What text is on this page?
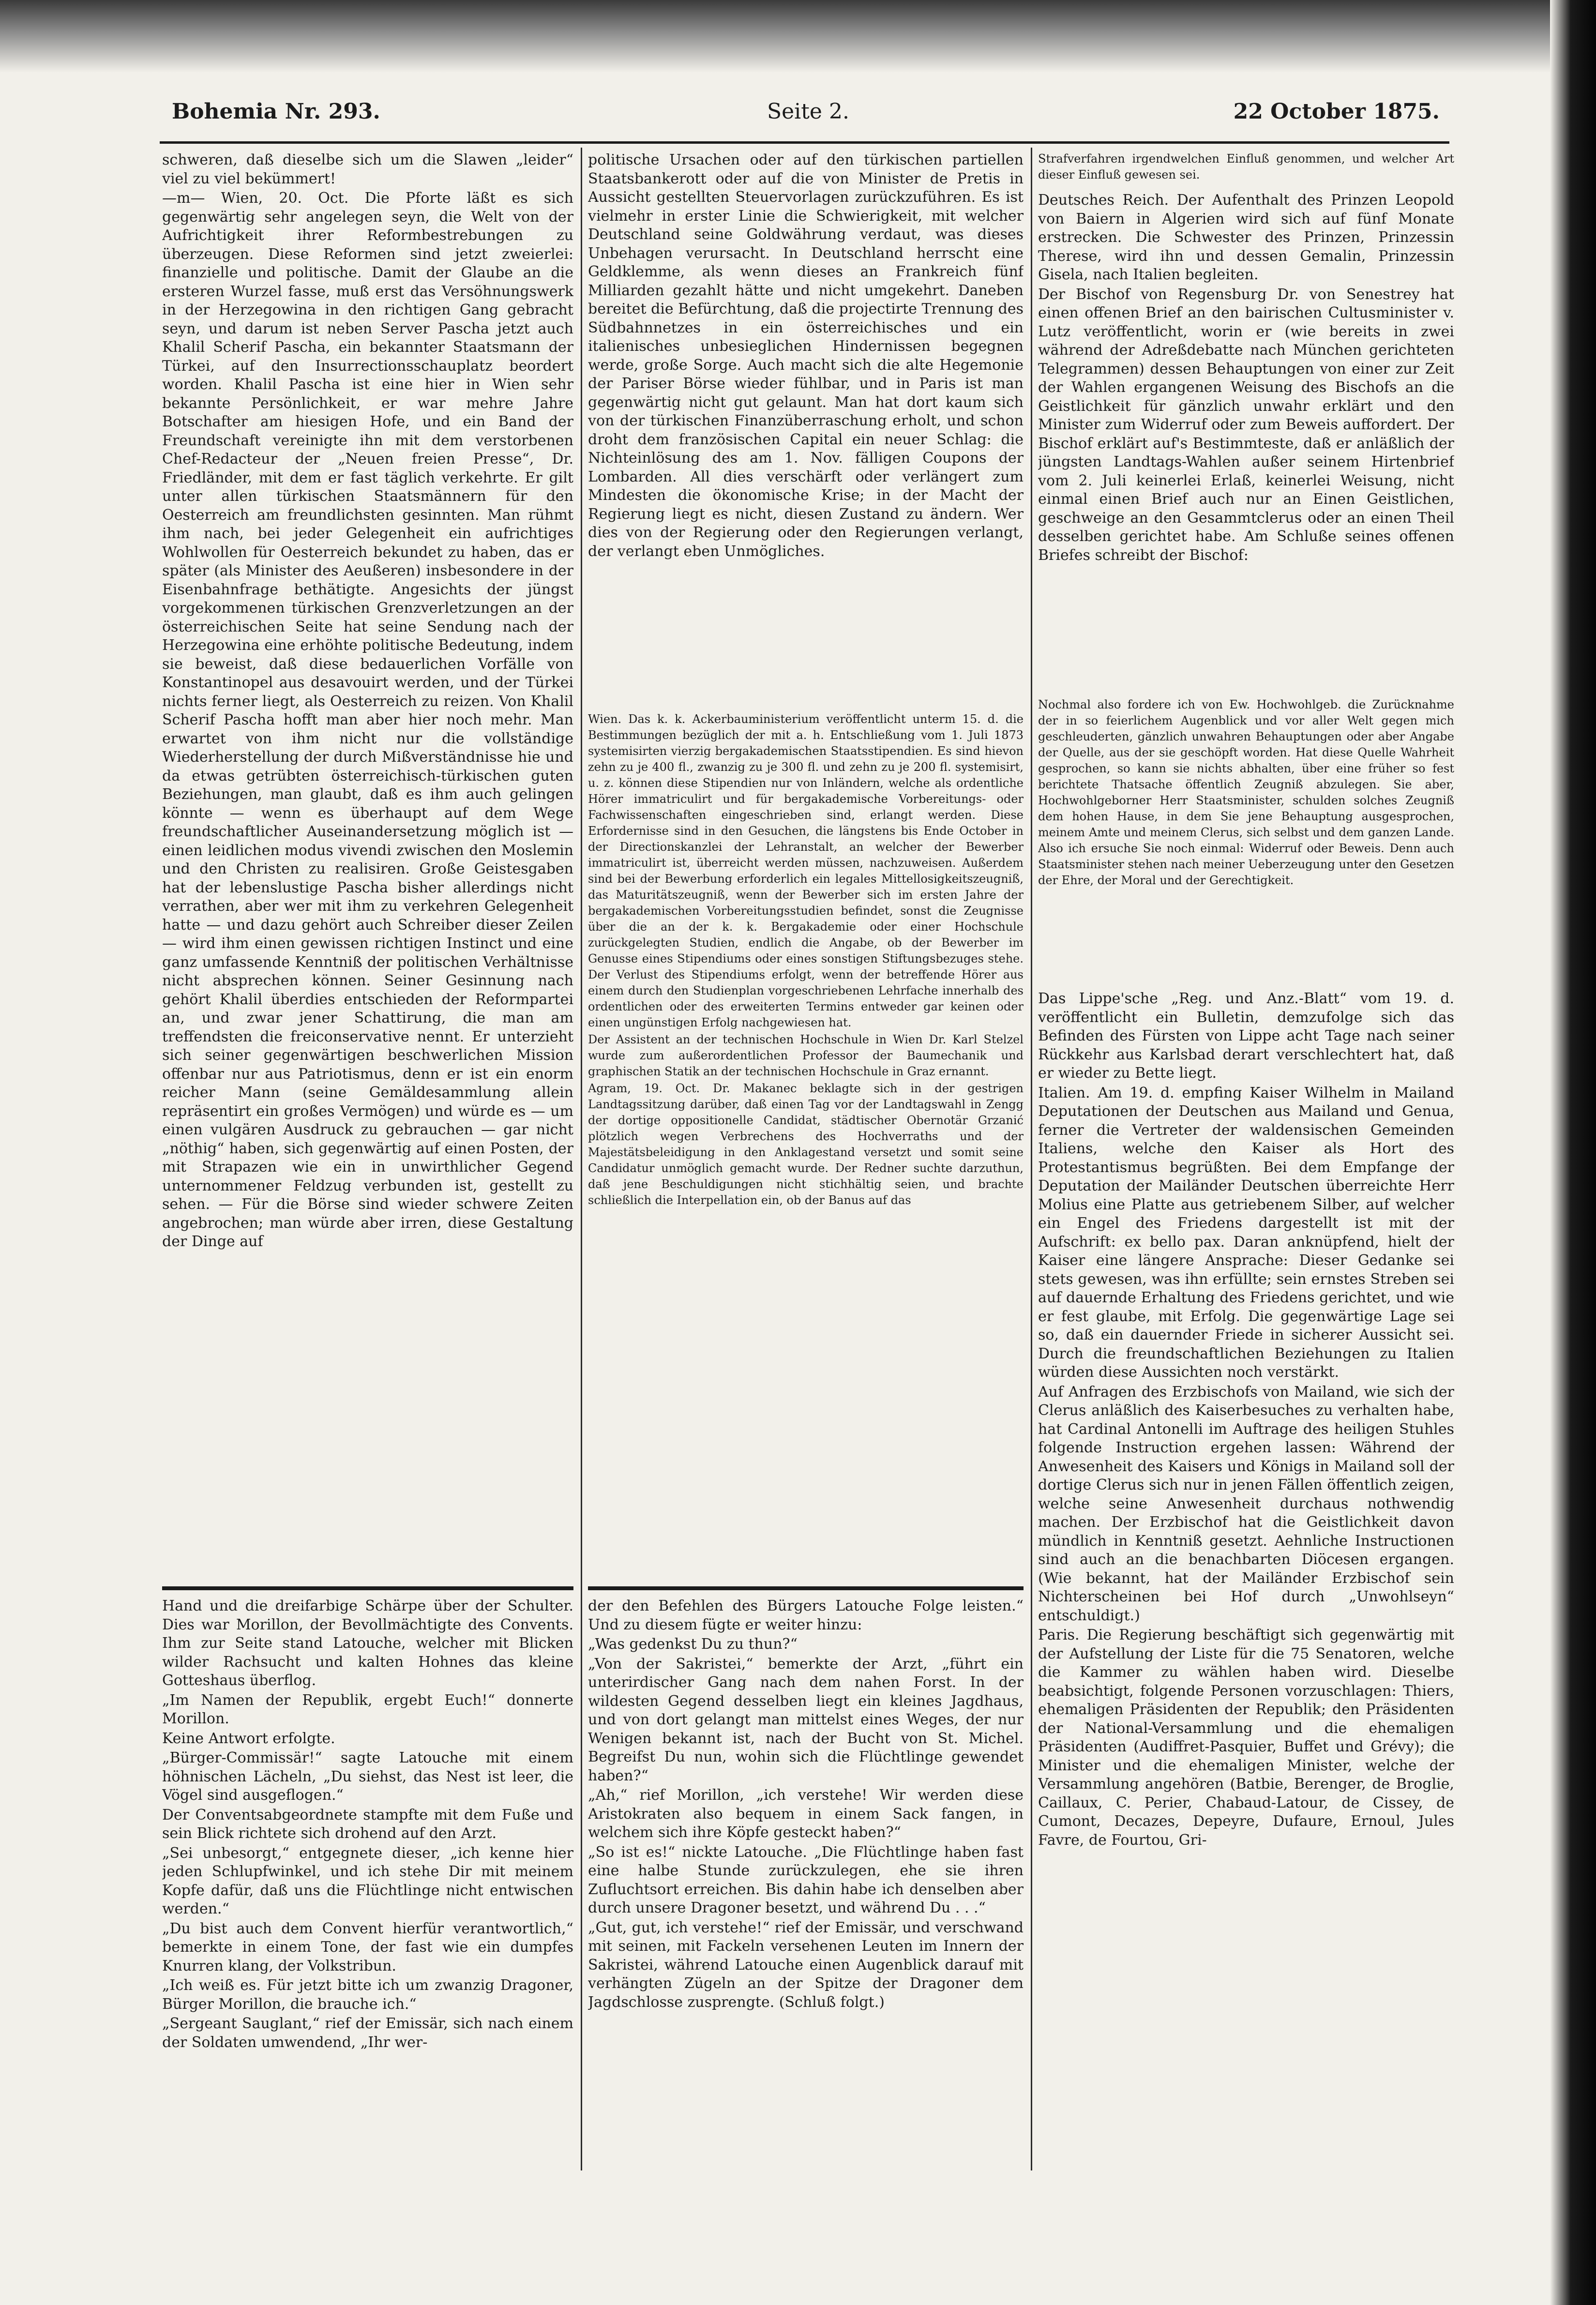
Bohemia Nr. 293.	Seite 2.	22 October 1875.

schweren, daß dieselbe sich um die Slawen „leider“ viel zu viel bekümmert!

—m— Wien, 20. Oct. Die Pforte läßt es sich gegenwärtig sehr angelegen seyn, die Welt von der Aufrichtigkeit ihrer Reformbestrebungen zu überzeugen. Diese Reformen sind jetzt zweierlei: finanzielle und politische. Damit der Glaube an die ersteren Wurzel fasse, muß erst das Versöhnungswerk in der Herzegowina in den richtigen Gang gebracht seyn, und darum ist neben Server Pascha jetzt auch Khalil Scherif Pascha, ein bekannter Staatsmann der Türkei, auf den Insurrectionsschauplatz beordert worden. Khalil Pascha ist eine hier in Wien sehr bekannte Persönlichkeit, er war mehre Jahre Botschafter am hiesigen Hofe, und ein Band der Freundschaft vereinigte ihn mit dem verstorbenen Chef-Redacteur der „Neuen freien Presse“, Dr. Friedländer, mit dem er fast täglich verkehrte. Er gilt unter allen türkischen Staatsmännern für den Oesterreich am freundlichsten gesinnten. Man rühmt ihm nach, bei jeder Gelegenheit ein aufrichtiges Wohlwollen für Oesterreich bekundet zu haben, das er später (als Minister des Aeußeren) insbesondere in der Eisenbahnfrage bethätigte. Angesichts der jüngst vorgekommenen türkischen Grenzverletzungen an der österreichischen Seite hat seine Sendung nach der Herzegowina eine erhöhte politische Bedeutung, indem sie beweist, daß diese bedauerlichen Vorfälle von Konstantinopel aus desavouirt werden, und der Türkei nichts ferner liegt, als Oesterreich zu reizen. Von Khalil Scherif Pascha hofft man aber hier noch mehr. Man erwartet von ihm nicht nur die vollständige Wiederherstellung der durch Mißverständnisse hie und da etwas getrübten österreichisch-türkischen guten Beziehungen, man glaubt, daß es ihm auch gelingen könnte — wenn es überhaupt auf dem Wege freundschaftlicher Auseinandersetzung möglich ist — einen leidlichen modus vivendi zwischen den Moslemin und den Christen zu realisiren. Große Geistesgaben hat der lebenslustige Pascha bisher allerdings nicht verrathen, aber wer mit ihm zu verkehren Gelegenheit hatte — und dazu gehört auch Schreiber dieser Zeilen — wird ihm einen gewissen richtigen Instinct und eine ganz umfassende Kenntniß der politischen Verhältnisse nicht absprechen können. Seiner Gesinnung nach gehört Khalil überdies entschieden der Reformpartei an, und zwar jener Schattirung, die man am treffendsten die freiconservative nennt. Er unterzieht sich seiner gegenwärtigen beschwerlichen Mission offenbar nur aus Patriotismus, denn er ist ein enorm reicher Mann (seine Gemäldesammlung allein repräsentirt ein großes Vermögen) und würde es — um einen vulgären Ausdruck zu gebrauchen — gar nicht „nöthig“ haben, sich gegenwärtig auf einen Posten, der mit Strapazen wie ein in unwirthlicher Gegend unternommener Feldzug verbunden ist, gestellt zu sehen. — Für die Börse sind wieder schwere Zeiten angebrochen; man würde aber irren, diese Gestaltung der Dinge auf

Hand und die dreifarbige Schärpe über der Schulter. Dies war Morillon, der Bevollmächtigte des Convents. Ihm zur Seite stand Latouche, welcher mit Blicken wilder Rachsucht und kalten Hohnes das kleine Gotteshaus überflog.

„Im Namen der Republik, ergebt Euch!“ donnerte Morillon.

Keine Antwort erfolgte.

„Bürger-Commissär!“ sagte Latouche mit einem höhnischen Lächeln, „Du siehst, das Nest ist leer, die Vögel sind ausgeflogen.“

Der Conventsabgeordnete stampfte mit dem Fuße und sein Blick richtete sich drohend auf den Arzt.

„Sei unbesorgt,“ entgegnete dieser, „ich kenne hier jeden Schlupfwinkel, und ich stehe Dir mit meinem Kopfe dafür, daß uns die Flüchtlinge nicht entwischen werden.“

„Du bist auch dem Convent hierfür verantwortlich,“ bemerkte in einem Tone, der fast wie ein dumpfes Knurren klang, der Volkstribun.

„Ich weiß es. Für jetzt bitte ich um zwanzig Dragoner, Bürger Morillon, die brauche ich.“

„Sergeant Sauglant,“ rief der Emissär, sich nach einem der Soldaten umwendend, „Ihr wer-

politische Ursachen oder auf den türkischen partiellen Staatsbankerott oder auf die von Minister de Pretis in Aussicht gestellten Steuervorlagen zurückzuführen. Es ist vielmehr in erster Linie die Schwierigkeit, mit welcher Deutschland seine Goldwährung verdaut, was dieses Unbehagen verursacht. In Deutschland herrscht eine Geldklemme, als wenn dieses an Frankreich fünf Milliarden gezahlt hätte und nicht umgekehrt. Daneben bereitet die Befürchtung, daß die projectirte Trennung des Südbahnnetzes in ein österreichisches und ein italienisches unbesieglichen Hindernissen begegnen werde, große Sorge. Auch macht sich die alte Hegemonie der Pariser Börse wieder fühlbar, und in Paris ist man gegenwärtig nicht gut gelaunt. Man hat dort kaum sich von der türkischen Finanzüberraschung erholt, und schon droht dem französischen Capital ein neuer Schlag: die Nichteinlösung des am 1. Nov. fälligen Coupons der Lombarden. All dies verschärft oder verlängert zum Mindesten die ökonomische Krise; in der Macht der Regierung liegt es nicht, diesen Zustand zu ändern. Wer dies von der Regierung oder den Regierungen verlangt, der verlangt eben Unmögliches.

Wien. Das k. k. Ackerbauministerium veröffentlicht unterm 15. d. die Bestimmungen bezüglich der mit a. h. Entschließung vom 1. Juli 1873 systemisirten vierzig bergakademischen Staatsstipendien. Es sind hievon zehn zu je 400 fl., zwanzig zu je 300 fl. und zehn zu je 200 fl. systemisirt, u. z. können diese Stipendien nur von Inländern, welche als ordentliche Hörer immatriculirt und für bergakademische Vorbereitungs- oder Fachwissenschaften eingeschrieben sind, erlangt werden. Diese Erfordernisse sind in den Gesuchen, die längstens bis Ende October in der Directionskanzlei der Lehranstalt, an welcher der Bewerber immatriculirt ist, überreicht werden müssen, nachzuweisen. Außerdem sind bei der Bewerbung erforderlich ein legales Mittellosigkeitszeugniß, das Maturitätszeugniß, wenn der Bewerber sich im ersten Jahre der bergakademischen Vorbereitungsstudien befindet, sonst die Zeugnisse über die an der k. k. Bergakademie oder einer Hochschule zurückgelegten Studien, endlich die Angabe, ob der Bewerber im Genusse eines Stipendiums oder eines sonstigen Stiftungsbezuges stehe. Der Verlust des Stipendiums erfolgt, wenn der betreffende Hörer aus einem durch den Studienplan vorgeschriebenen Lehrfache innerhalb des ordentlichen oder des erweiterten Termins entweder gar keinen oder einen ungünstigen Erfolg nachgewiesen hat.

Der Assistent an der technischen Hochschule in Wien Dr. Karl Stelzel wurde zum außerordentlichen Professor der Baumechanik und graphischen Statik an der technischen Hochschule in Graz ernannt.

Agram, 19. Oct. Dr. Makanec beklagte sich in der gestrigen Landtagssitzung darüber, daß einen Tag vor der Landtagswahl in Zengg der dortige oppositionelle Candidat, städtischer Obernotär Grzanić plötzlich wegen Verbrechens des Hochverraths und der Majestätsbeleidigung in den Anklagestand versetzt und somit seine Candidatur unmöglich gemacht wurde. Der Redner suchte darzuthun, daß jene Beschuldigungen nicht stichhältig seien, und brachte schließlich die Interpellation ein, ob der Banus auf das

der den Befehlen des Bürgers Latouche Folge leisten.“ Und zu diesem fügte er weiter hinzu:

„Was gedenkst Du zu thun?“

„Von der Sakristei,“ bemerkte der Arzt, „führt ein unterirdischer Gang nach dem nahen Forst. In der wildesten Gegend desselben liegt ein kleines Jagdhaus, und von dort gelangt man mittelst eines Weges, der nur Wenigen bekannt ist, nach der Bucht von St. Michel. Begreifst Du nun, wohin sich die Flüchtlinge gewendet haben?“

„Ah,“ rief Morillon, „ich verstehe! Wir werden diese Aristokraten also bequem in einem Sack fangen, in welchem sich ihre Köpfe gesteckt haben?“

„So ist es!“ nickte Latouche. „Die Flüchtlinge haben fast eine halbe Stunde zurückzulegen, ehe sie ihren Zufluchtsort erreichen. Bis dahin habe ich denselben aber durch unsere Dragoner besetzt, und während Du . . .“

„Gut, gut, ich verstehe!“ rief der Emissär, und verschwand mit seinen, mit Fackeln versehenen Leuten im Innern der Sakristei, während Latouche einen Augenblick darauf mit verhängten Zügeln an der Spitze der Dragoner dem Jagdschlosse zusprengte. (Schluß folgt.)

Strafverfahren irgendwelchen Einfluß genommen, und welcher Art dieser Einfluß gewesen sei.

Deutsches Reich. Der Aufenthalt des Prinzen Leopold von Baiern in Algerien wird sich auf fünf Monate erstrecken. Die Schwester des Prinzen, Prinzessin Therese, wird ihn und dessen Gemalin, Prinzessin Gisela, nach Italien begleiten.

Der Bischof von Regensburg Dr. von Senestrey hat einen offenen Brief an den bairischen Cultusminister v. Lutz veröffentlicht, worin er (wie bereits in zwei während der Adreßdebatte nach München gerichteten Telegrammen) dessen Behauptungen von einer zur Zeit der Wahlen ergangenen Weisung des Bischofs an die Geistlichkeit für gänzlich unwahr erklärt und den Minister zum Widerruf oder zum Beweis auffordert. Der Bischof erklärt auf's Bestimmteste, daß er anläßlich der jüngsten Landtags-Wahlen außer seinem Hirtenbrief vom 2. Juli keinerlei Erlaß, keinerlei Weisung, nicht einmal einen Brief auch nur an Einen Geistlichen, geschweige an den Gesammtclerus oder an einen Theil desselben gerichtet habe. Am Schluße seines offenen Briefes schreibt der Bischof:

Nochmal also fordere ich von Ew. Hochwohlgeb. die Zurücknahme der in so feierlichem Augenblick und vor aller Welt gegen mich geschleuderten, gänzlich unwahren Behauptungen oder aber Angabe der Quelle, aus der sie geschöpft worden. Hat diese Quelle Wahrheit gesprochen, so kann sie nichts abhalten, über eine früher so fest berichtete Thatsache öffentlich Zeugniß abzulegen. Sie aber, Hochwohlgeborner Herr Staatsminister, schulden solches Zeugniß dem hohen Hause, in dem Sie jene Behauptung ausgesprochen, meinem Amte und meinem Clerus, sich selbst und dem ganzen Lande. Also ich ersuche Sie noch einmal: Widerruf oder Beweis. Denn auch Staatsminister stehen nach meiner Ueberzeugung unter den Gesetzen der Ehre, der Moral und der Gerechtigkeit.

Das Lippe'sche „Reg. und Anz.-Blatt“ vom 19. d. veröffentlicht ein Bulletin, demzufolge sich das Befinden des Fürsten von Lippe acht Tage nach seiner Rückkehr aus Karlsbad derart verschlechtert hat, daß er wieder zu Bette liegt.

Italien. Am 19. d. empfing Kaiser Wilhelm in Mailand Deputationen der Deutschen aus Mailand und Genua, ferner die Vertreter der waldensischen Gemeinden Italiens, welche den Kaiser als Hort des Protestantismus begrüßten. Bei dem Empfange der Deputation der Mailänder Deutschen überreichte Herr Molius eine Platte aus getriebenem Silber, auf welcher ein Engel des Friedens dargestellt ist mit der Aufschrift: ex bello pax. Daran anknüpfend, hielt der Kaiser eine längere Ansprache: Dieser Gedanke sei stets gewesen, was ihn erfüllte; sein ernstes Streben sei auf dauernde Erhaltung des Friedens gerichtet, und wie er fest glaube, mit Erfolg. Die gegenwärtige Lage sei so, daß ein dauernder Friede in sicherer Aussicht sei. Durch die freundschaftlichen Beziehungen zu Italien würden diese Aussichten noch verstärkt.

Auf Anfragen des Erzbischofs von Mailand, wie sich der Clerus anläßlich des Kaiserbesuches zu verhalten habe, hat Cardinal Antonelli im Auftrage des heiligen Stuhles folgende Instruction ergehen lassen: Während der Anwesenheit des Kaisers und Königs in Mailand soll der dortige Clerus sich nur in jenen Fällen öffentlich zeigen, welche seine Anwesenheit durchaus nothwendig machen. Der Erzbischof hat die Geistlichkeit davon mündlich in Kenntniß gesetzt. Aehnliche Instructionen sind auch an die benachbarten Diöcesen ergangen. (Wie bekannt, hat der Mailänder Erzbischof sein Nichterscheinen bei Hof durch „Unwohlseyn“ entschuldigt.)

Paris. Die Regierung beschäftigt sich gegenwärtig mit der Aufstellung der Liste für die 75 Senatoren, welche die Kammer zu wählen haben wird. Dieselbe beabsichtigt, folgende Personen vorzuschlagen: Thiers, ehemaligen Präsidenten der Republik; den Präsidenten der National-Versammlung und die ehemaligen Präsidenten (Audiffret-Pasquier, Buffet und Grévy); die Minister und die ehemaligen Minister, welche der Versammlung angehören (Batbie, Berenger, de Broglie, Caillaux, C. Perier, Chabaud-Latour, de Cissey, de Cumont, Decazes, Depeyre, Dufaure, Ernoul, Jules Favre, de Fourtou, Gri-
